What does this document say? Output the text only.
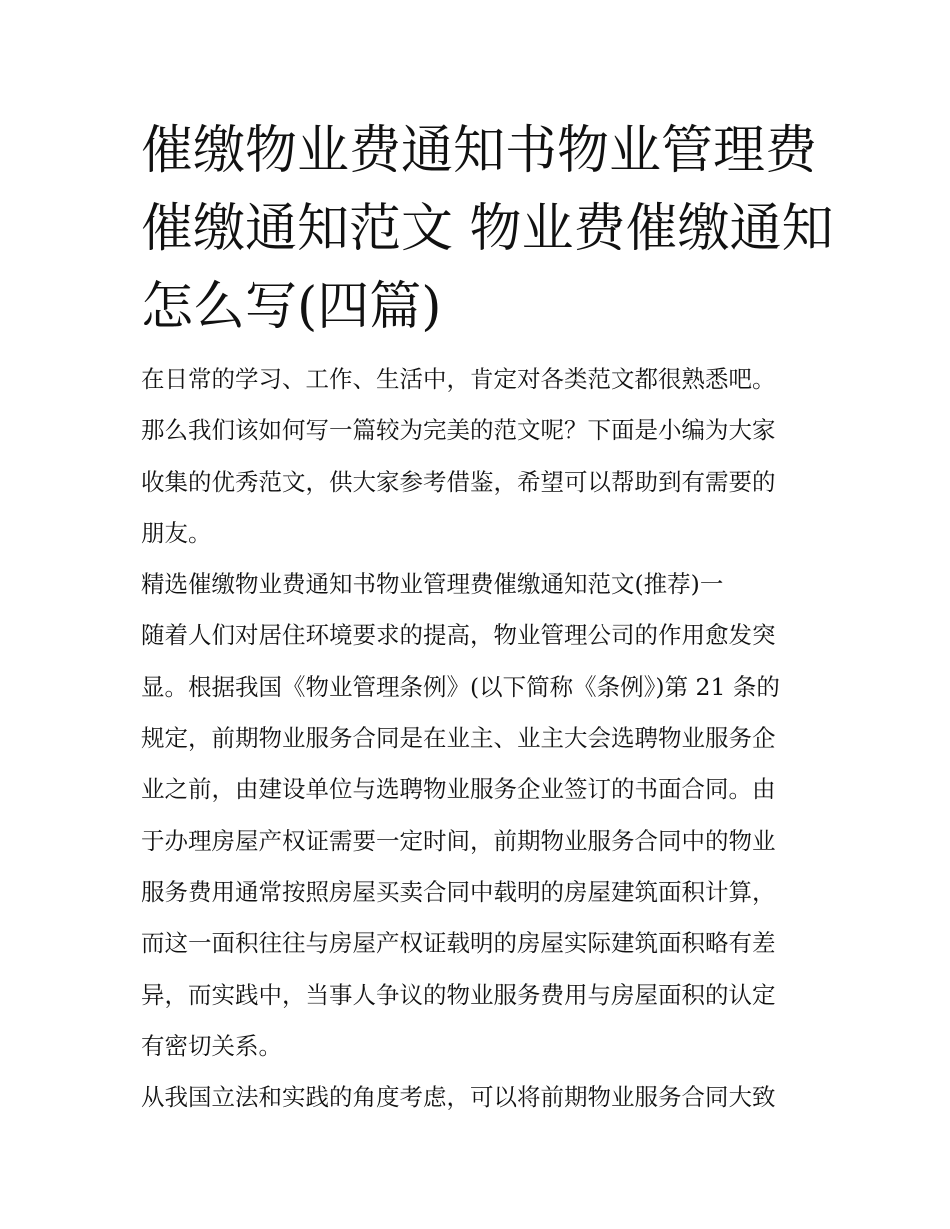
催缴物业费通知书物业管理费
催缴通知范文 物业费催缴通知
怎么写(四篇)
在日常的学习、工作、生活中，肯定对各类范文都很熟悉吧。
那么我们该如何写一篇较为完美的范文呢？下面是小编为大家
收集的优秀范文，供大家参考借鉴，希望可以帮助到有需要的
朋友。
精选催缴物业费通知书物业管理费催缴通知范文(推荐)一
随着人们对居住环境要求的提高，物业管理公司的作用愈发突
显。根据我国《物业管理条例》(以下简称《条例》)第 21 条的
规定，前期物业服务合同是在业主、业主大会选聘物业服务企
业之前，由建设单位与选聘物业服务企业签订的书面合同。由
于办理房屋产权证需要一定时间，前期物业服务合同中的物业
服务费用通常按照房屋买卖合同中载明的房屋建筑面积计算，
而这一面积往往与房屋产权证载明的房屋实际建筑面积略有差
异，而实践中，当事人争议的物业服务费用与房屋面积的认定
有密切关系。
从我国立法和实践的角度考虑，可以将前期物业服务合同大致
